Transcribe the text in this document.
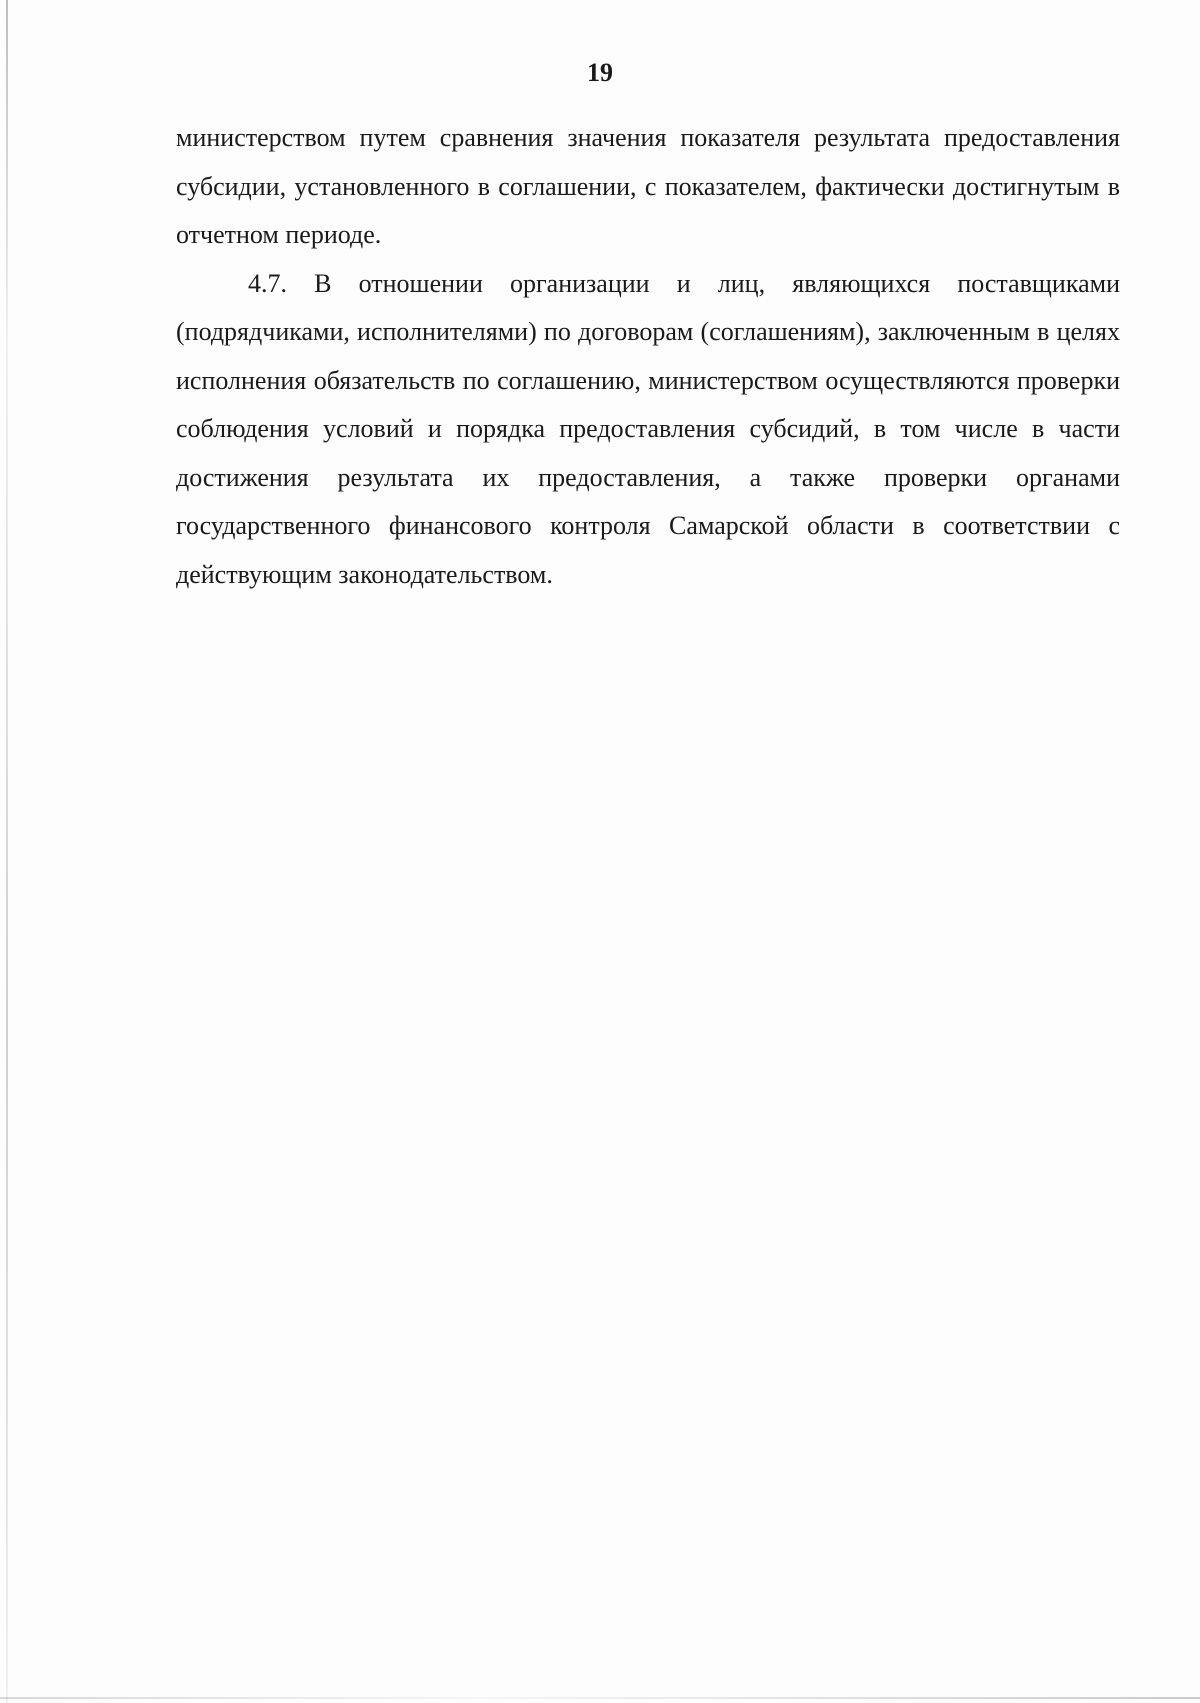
19

министерством путем сравнения значения показателя результата предоставления субсидии, установленного в соглашении, с показателем, фактически достигнутым в отчетном периоде.

4.7. В отношении организации и лиц, являющихся поставщиками (подрядчиками, исполнителями) по договорам (соглашениям), заключенным в целях исполнения обязательств по соглашению, министерством осуществляются проверки соблюдения условий и порядка предоставления субсидий, в том числе в части достижения результата их предоставления, а также проверки органами государственного финансового контроля Самарской области в соответствии с действующим законодательством.
